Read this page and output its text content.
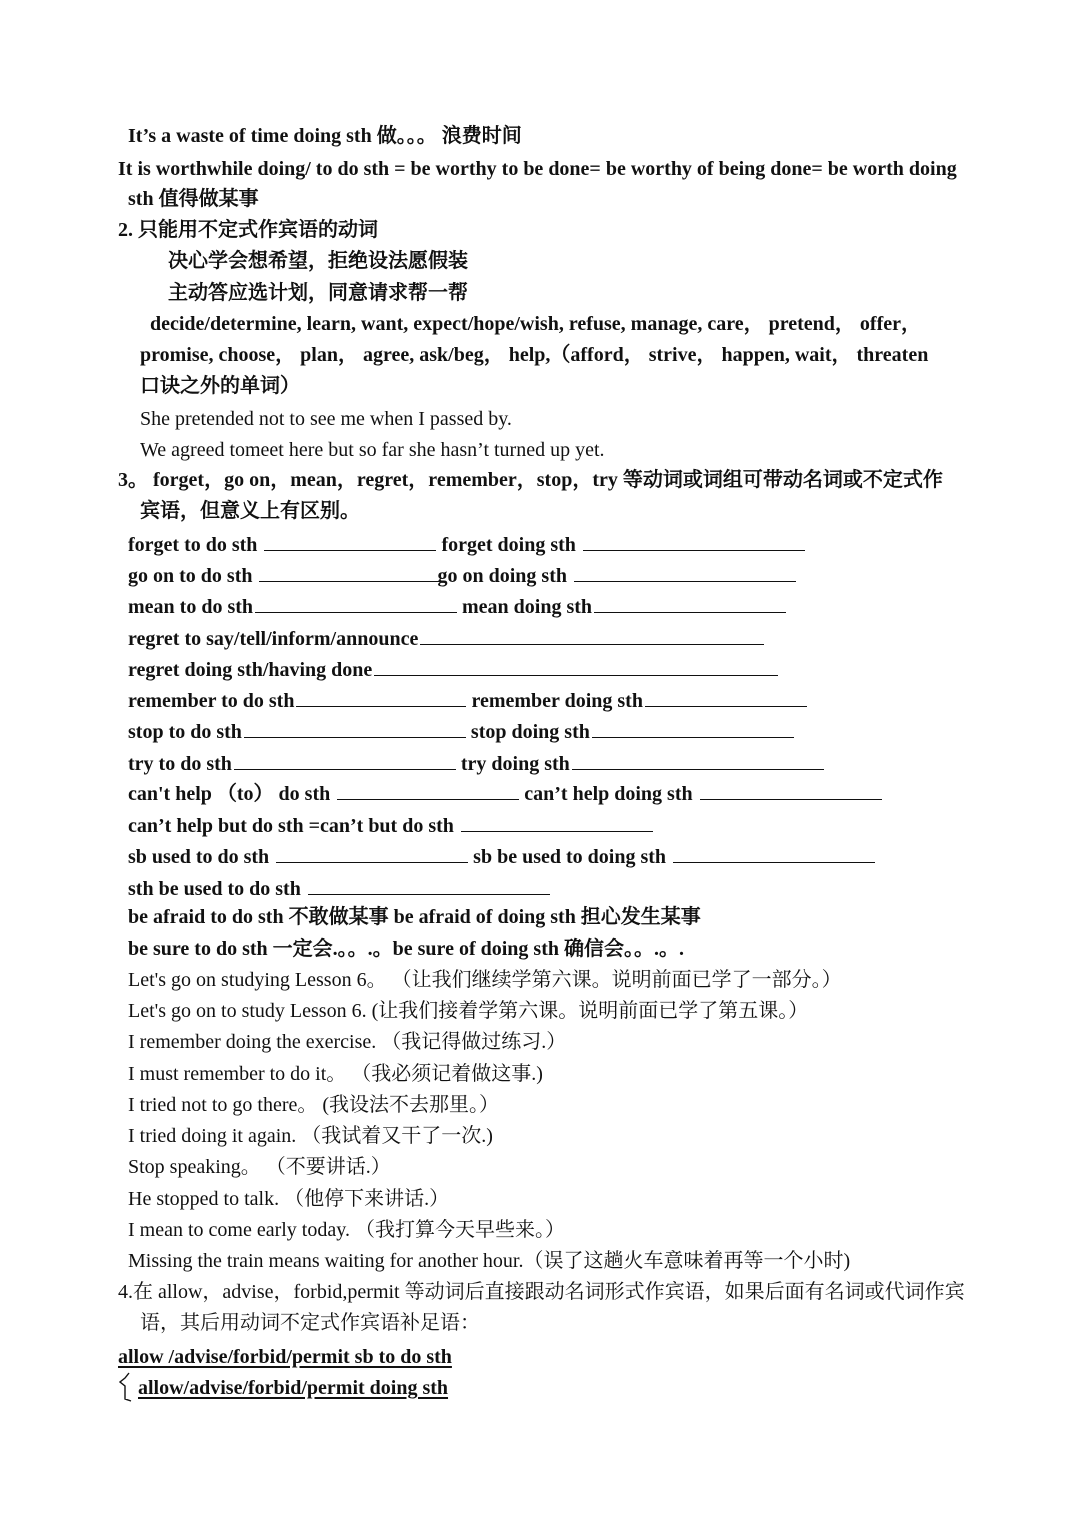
It’s a waste of time doing sth 做。。。 浪费时间
It is worthwhile doing/ to do sth = be worthy to be done= be worthy of being done= be worth doing
sth 值得做某事
2. 只能用不定式作宾语的动词
决心学会想希望，拒绝设法愿假装
主动答应选计划，同意请求帮一帮
decide/determine, learn, want, expect/hope/wish, refuse, manage, care， pretend， offer，
promise, choose， plan， agree, ask/beg， help,（afford， strive， happen, wait， threaten
口诀之外的单词）
She pretended not to see me when I passed by.
We agreed tomeet here but so far she hasn’t turned up yet.
3。 forget，go on，mean，regret，remember，stop，try 等动词或词组可带动名词或不定式作
宾语，但意义上有区别。
forget to do sth	forget doing sth
go on to do sth	go on doing sth
mean to do sth	mean doing sth
regret to say/tell/inform/announce
regret doing sth/having done
remember to do sth	remember doing sth
stop to do sth	stop doing sth
try to do sth	try doing sth
can't help （to） do sth	can’t help doing sth
can’t help but do sth =can’t but do sth
sb used to do sth	sb be used to doing sth
sth be used to do sth
be afraid to do sth 不敢做某事 be afraid of doing sth 担心发生某事
be sure to do sth 一定会.。。.。be sure of doing sth 确信会。。.。.
Let's go on studying Lesson 6。 （让我们继续学第六课。说明前面已学了一部分。）
Let's go on to study Lesson 6. (让我们接着学第六课。说明前面已学了第五课。）
I remember doing the exercise. （我记得做过练习.）
I must remember to do it。 （我必须记着做这事.)
I tried not to go there。 (我设法不去那里。）
I tried doing it again. （我试着又干了一次.)
Stop speaking。 （不要讲话.）
He stopped to talk. （他停下来讲话.）
I mean to come early today. （我打算今天早些来。）
Missing the train means waiting for another hour.（误了这趟火车意味着再等一个小时)
4.在 allow，advise，forbid,permit 等动词后直接跟动名词形式作宾语，如果后面有名词或代词作宾
语，其后用动词不定式作宾语补足语：
allow /advise/forbid/permit sb to do sth
allow/advise/forbid/permit doing sth
